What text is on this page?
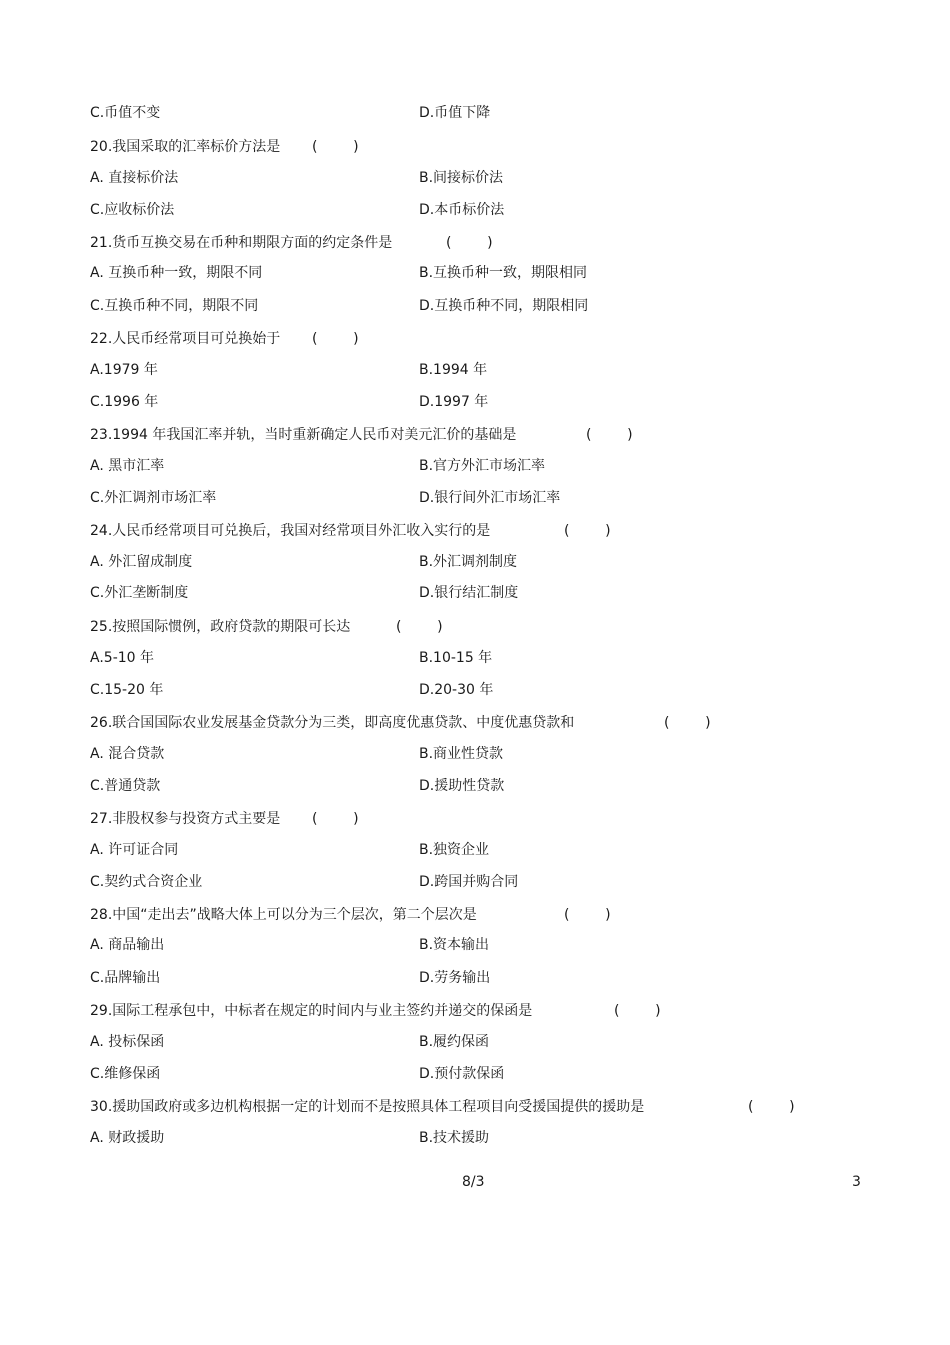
C.币值不变	D.币值下降
20.我国采取的汇率标价方法是 (        )
A. 直接标价法	B.间接标价法
C.应收标价法	D.本币标价法
21.货币互换交易在币种和期限方面的约定条件是	(        )
A. 互换币种一致，期限不同	B.互换币种一致，期限相同
C.互换币种不同，期限不同	D.互换币种不同，期限相同
22.人民币经常项目可兑换始于 (        )
A.1979 年	B.1994 年
C.1996 年	D.1997 年
23.1994 年我国汇率并轨，当时重新确定人民币对美元汇价的基础是	(        )
A. 黑市汇率	B.官方外汇市场汇率
C.外汇调剂市场汇率	D.银行间外汇市场汇率
24.人民币经常项目可兑换后，我国对经常项目外汇收入实行的是	(        )
A. 外汇留成制度	B.外汇调剂制度
C.外汇垄断制度	D.银行结汇制度
25.按照国际惯例，政府贷款的期限可长达	(        )
A.5-10 年	B.10-15 年
C.15-20 年	D.20-30 年
26.联合国国际农业发展基金贷款分为三类，即高度优惠贷款、中度优惠贷款和	(        )
A. 混合贷款	B.商业性贷款
C.普通贷款	D.援助性贷款
27.非股权参与投资方式主要是 (        )
A. 许可证合同	B.独资企业
C.契约式合资企业	D.跨国并购合同
28.中国“走出去”战略大体上可以分为三个层次，第二个层次是	(        )
A. 商品输出	B.资本输出
C.品牌输出	D.劳务输出
29.国际工程承包中，中标者在规定的时间内与业主签约并递交的保函是	(        )
A. 投标保函	B.履约保函
C.维修保函	D.预付款保函
30.援助国政府或多边机构根据一定的计划而不是按照具体工程项目向受援国提供的援助是	(        )
A. 财政援助	B.技术援助
8/3	3
